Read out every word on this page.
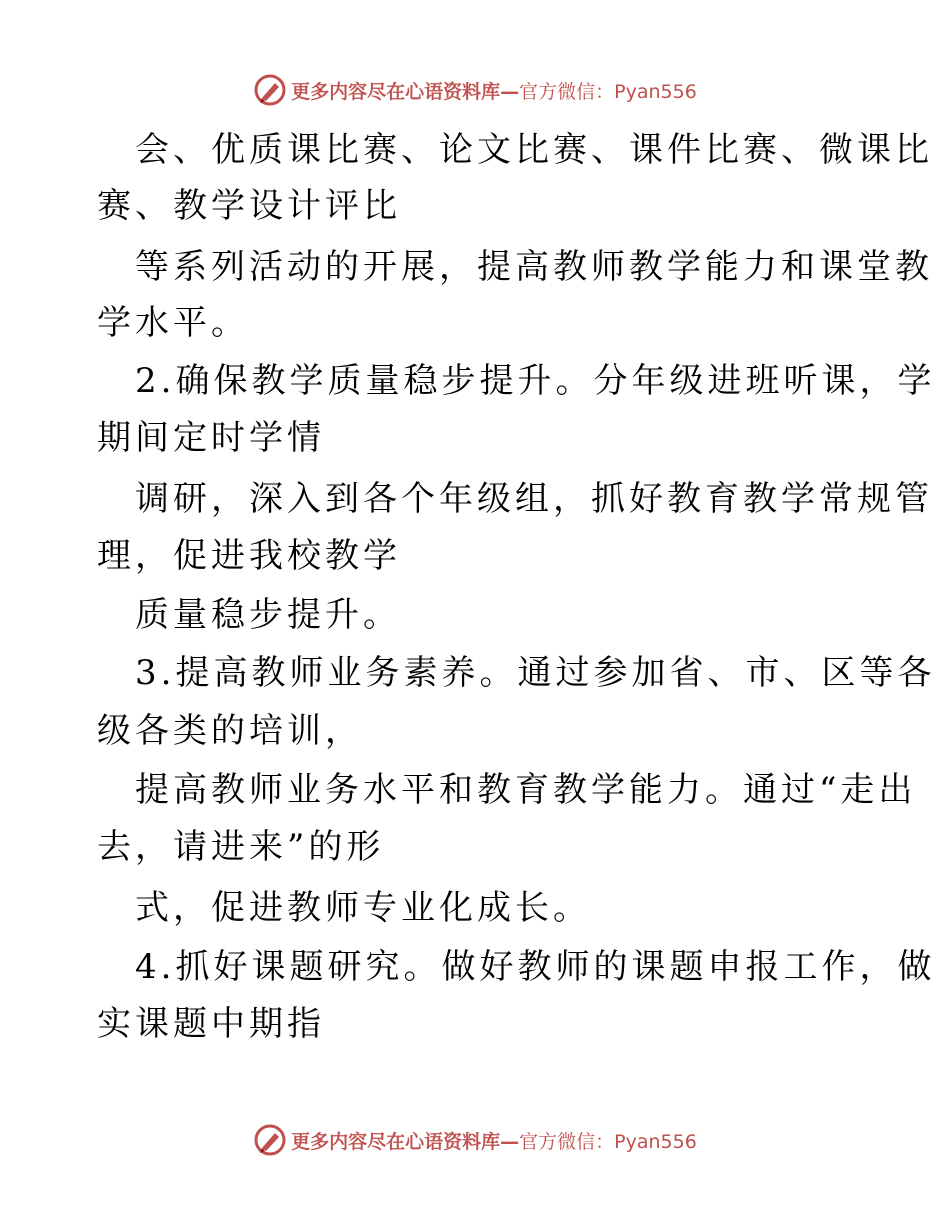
更多内容尽在心语资料库— 官方微信：Pyan556
会、优质课比赛、论文比赛、课件比赛、微课比
赛、教学设计评比
等系列活动的开展，提高教师教学能力和课堂教
学水平。
2.确保教学质量稳步提升。分年级进班听课，学
期间定时学情
调研，深入到各个年级组，抓好教育教学常规管
理，促进我校教学
质量稳步提升。
3.提高教师业务素养。通过参加省、市、区等各
级各类的培训，
提高教师业务水平和教育教学能力。通过“走出
去，请进来”的形
式，促进教师专业化成长。
4.抓好课题研究。做好教师的课题申报工作，做
实课题中期指
更多内容尽在心语资料库— 官方微信：Pyan556
